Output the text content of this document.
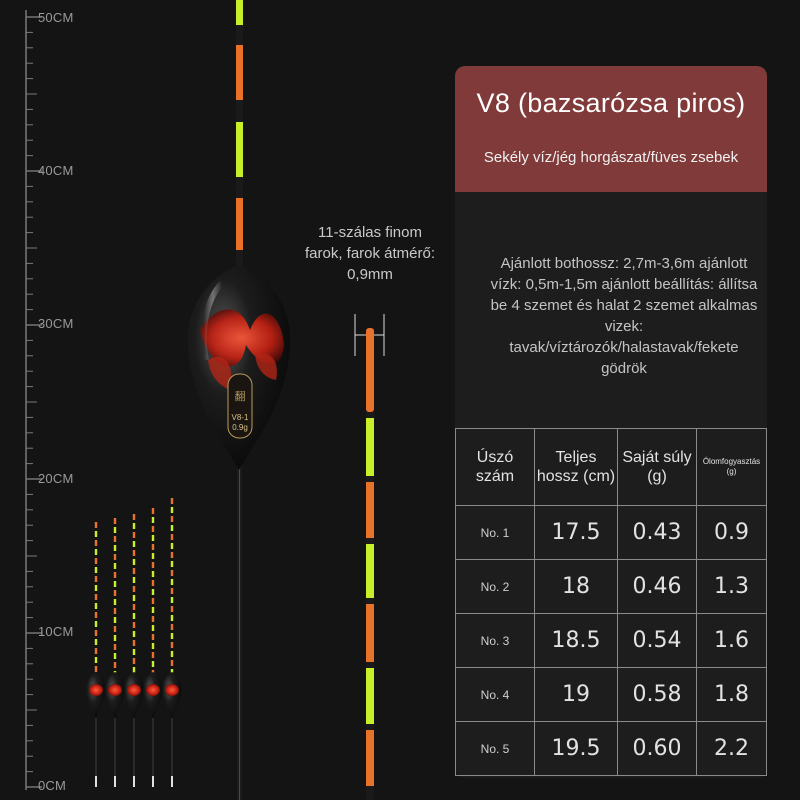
翻
V8-1
0.9g
50CM
40CM
30CM
20CM
10CM
0CM
11-szálas finom farok, farok átmérő: 0,9mm
V8 (bazsarózsa piros)
Sekély víz/jég horgászat/füves zsebek
Ajánlott bothossz: 2,7m-3,6m ajánlott vízk: 0,5m-1,5m ajánlott beállítás: állítsa be 4 szemet és halat 2 szemet alkalmas vizek: tavak/víztározók/halastavak/fekete gödrök
Úszó szám	Teljes hossz (cm)	Saját súly (g)	Ólomfogyasztás (g)
No. 1	17.5	0.43	0.9
No. 2	18	0.46	1.3
No. 3	18.5	0.54	1.6
No. 4	19	0.58	1.8
No. 5	19.5	0.60	2.2
